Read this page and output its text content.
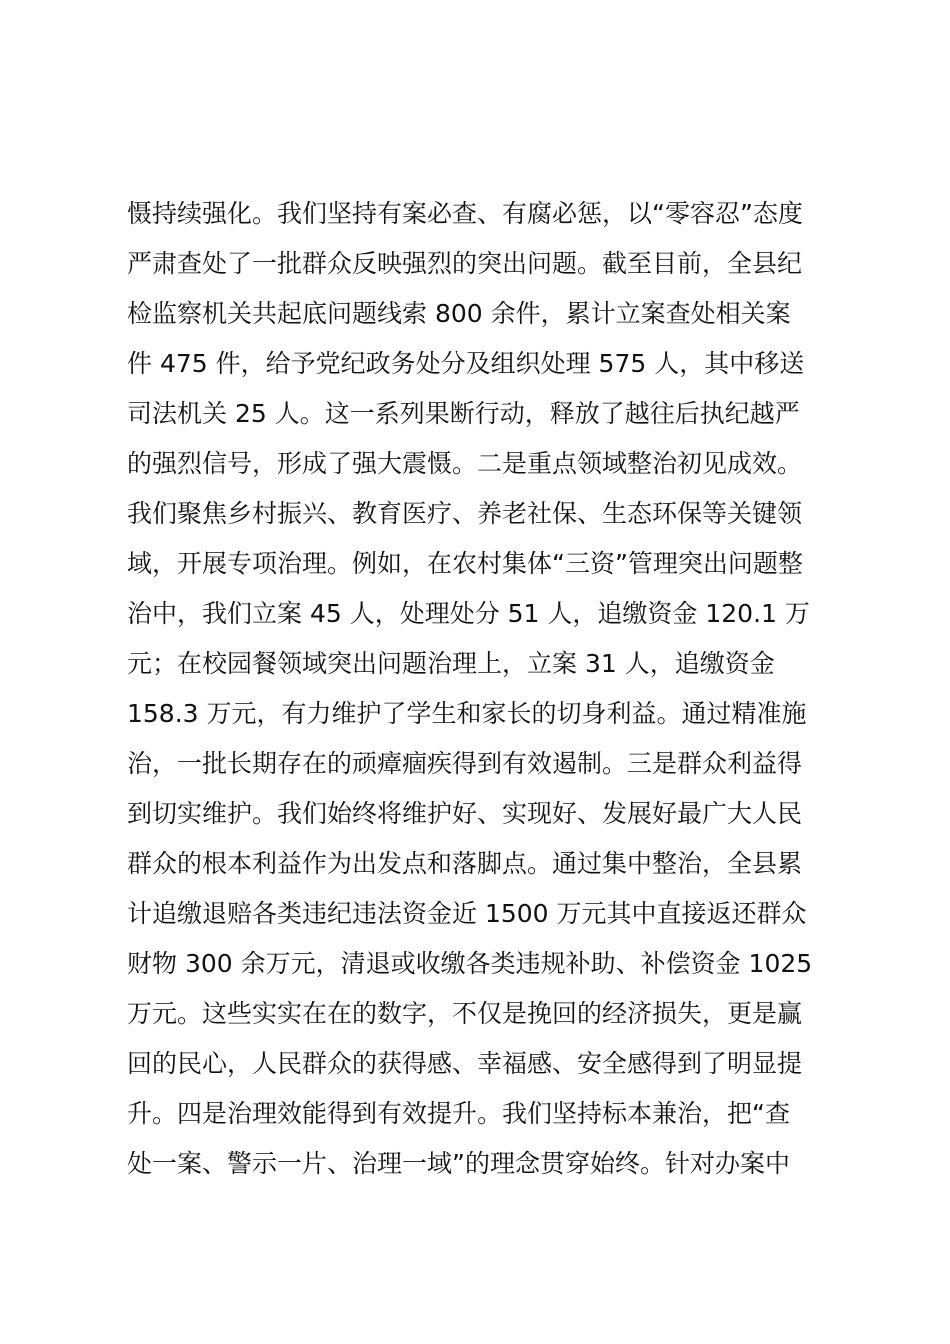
慑持续强化。我们坚持有案必查、有腐必惩，以“零容忍”态度
严肃查处了一批群众反映强烈的突出问题。截至目前，全县纪
检监察机关共起底问题线索 800 余件，累计立案查处相关案
件 475 件，给予党纪政务处分及组织处理 575 人，其中移送
司法机关 25 人。这一系列果断行动，释放了越往后执纪越严
的强烈信号，形成了强大震慑。二是重点领域整治初见成效。
我们聚焦乡村振兴、教育医疗、养老社保、生态环保等关键领
域，开展专项治理。例如，在农村集体“三资”管理突出问题整
治中，我们立案 45 人，处理处分 51 人，追缴资金 120.1 万
元；在校园餐领域突出问题治理上，立案 31 人，追缴资金
158.3 万元，有力维护了学生和家长的切身利益。通过精准施
治，一批长期存在的顽瘴痼疾得到有效遏制。三是群众利益得
到切实维护。我们始终将维护好、实现好、发展好最广大人民
群众的根本利益作为出发点和落脚点。通过集中整治，全县累
计追缴退赔各类违纪违法资金近 1500 万元其中直接返还群众
财物 300 余万元，清退或收缴各类违规补助、补偿资金 1025
万元。这些实实在在的数字，不仅是挽回的经济损失，更是赢
回的民心，人民群众的获得感、幸福感、安全感得到了明显提
升。四是治理效能得到有效提升。我们坚持标本兼治，把“查
处一案、警示一片、治理一域”的理念贯穿始终。针对办案中
